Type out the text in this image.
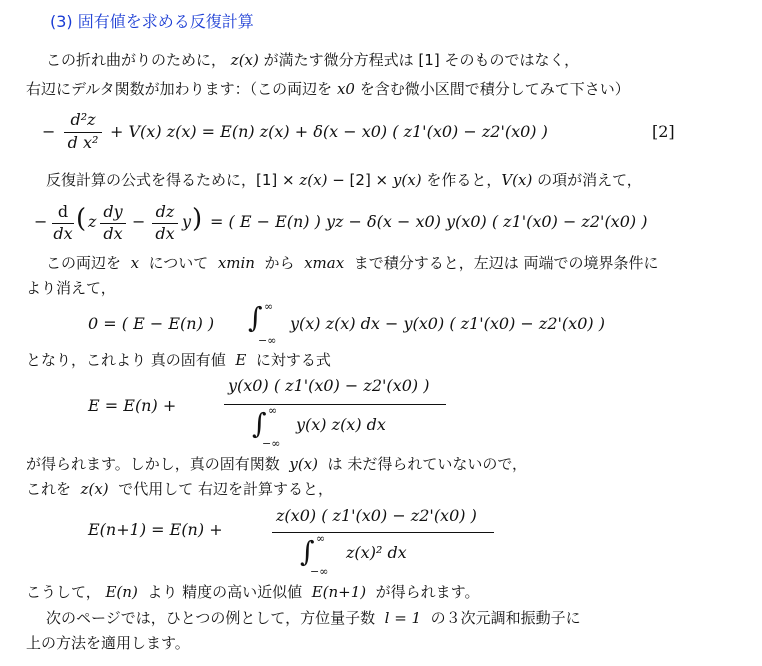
(3) 固有値を求める反復計算
この折れ曲がりのために， z(x) が満たす微分方程式は [1] そのものではなく，
右辺にデルタ関数が加わります：（この両辺を x0 を含む微小区間で積分してみて下さい）
−
d²z
d x²
+ V(x) z(x) = E(n) z(x) + δ(x − x0) ( z1'(x0) − z2'(x0) )	[2]
反復計算の公式を得るために，[1] × z(x) − [2] × y(x) を作ると，V(x) の項が消えて，
−
d
dx ( z
dy
dx
−
dz
dx
y ) = ( E − E(n) ) yz − δ(x − x0) y(x0) ( z1'(x0) − z2'(x0) )
この両辺を x について xmin から xmax まで積分すると，左辺は 両端での境界条件に
より消えて，
0 = ( E − E(n) ) ∫ ∞
−∞
y(x) z(x) dx − y(x0) ( z1'(x0) − z2'(x0) )
となり，これより 真の固有値 E に対する式
E = E(n) +
y(x0) ( z1'(x0) − z2'(x0) )
∫ ∞
−∞
y(x) z(x) dx
が得られます。しかし，真の固有関数 y(x) は 未だ得られていないので，
これを z(x) で代用して 右辺を計算すると，
E(n+1) = E(n) +
z(x0) ( z1'(x0) − z2'(x0) )
∫ ∞
−∞
z(x)² dx
こうして， E(n) より 精度の高い近似値 E(n+1) が得られます。
次のページでは，ひとつの例として，方位量子数 l = 1 の３次元調和振動子に
上の方法を適用します。
